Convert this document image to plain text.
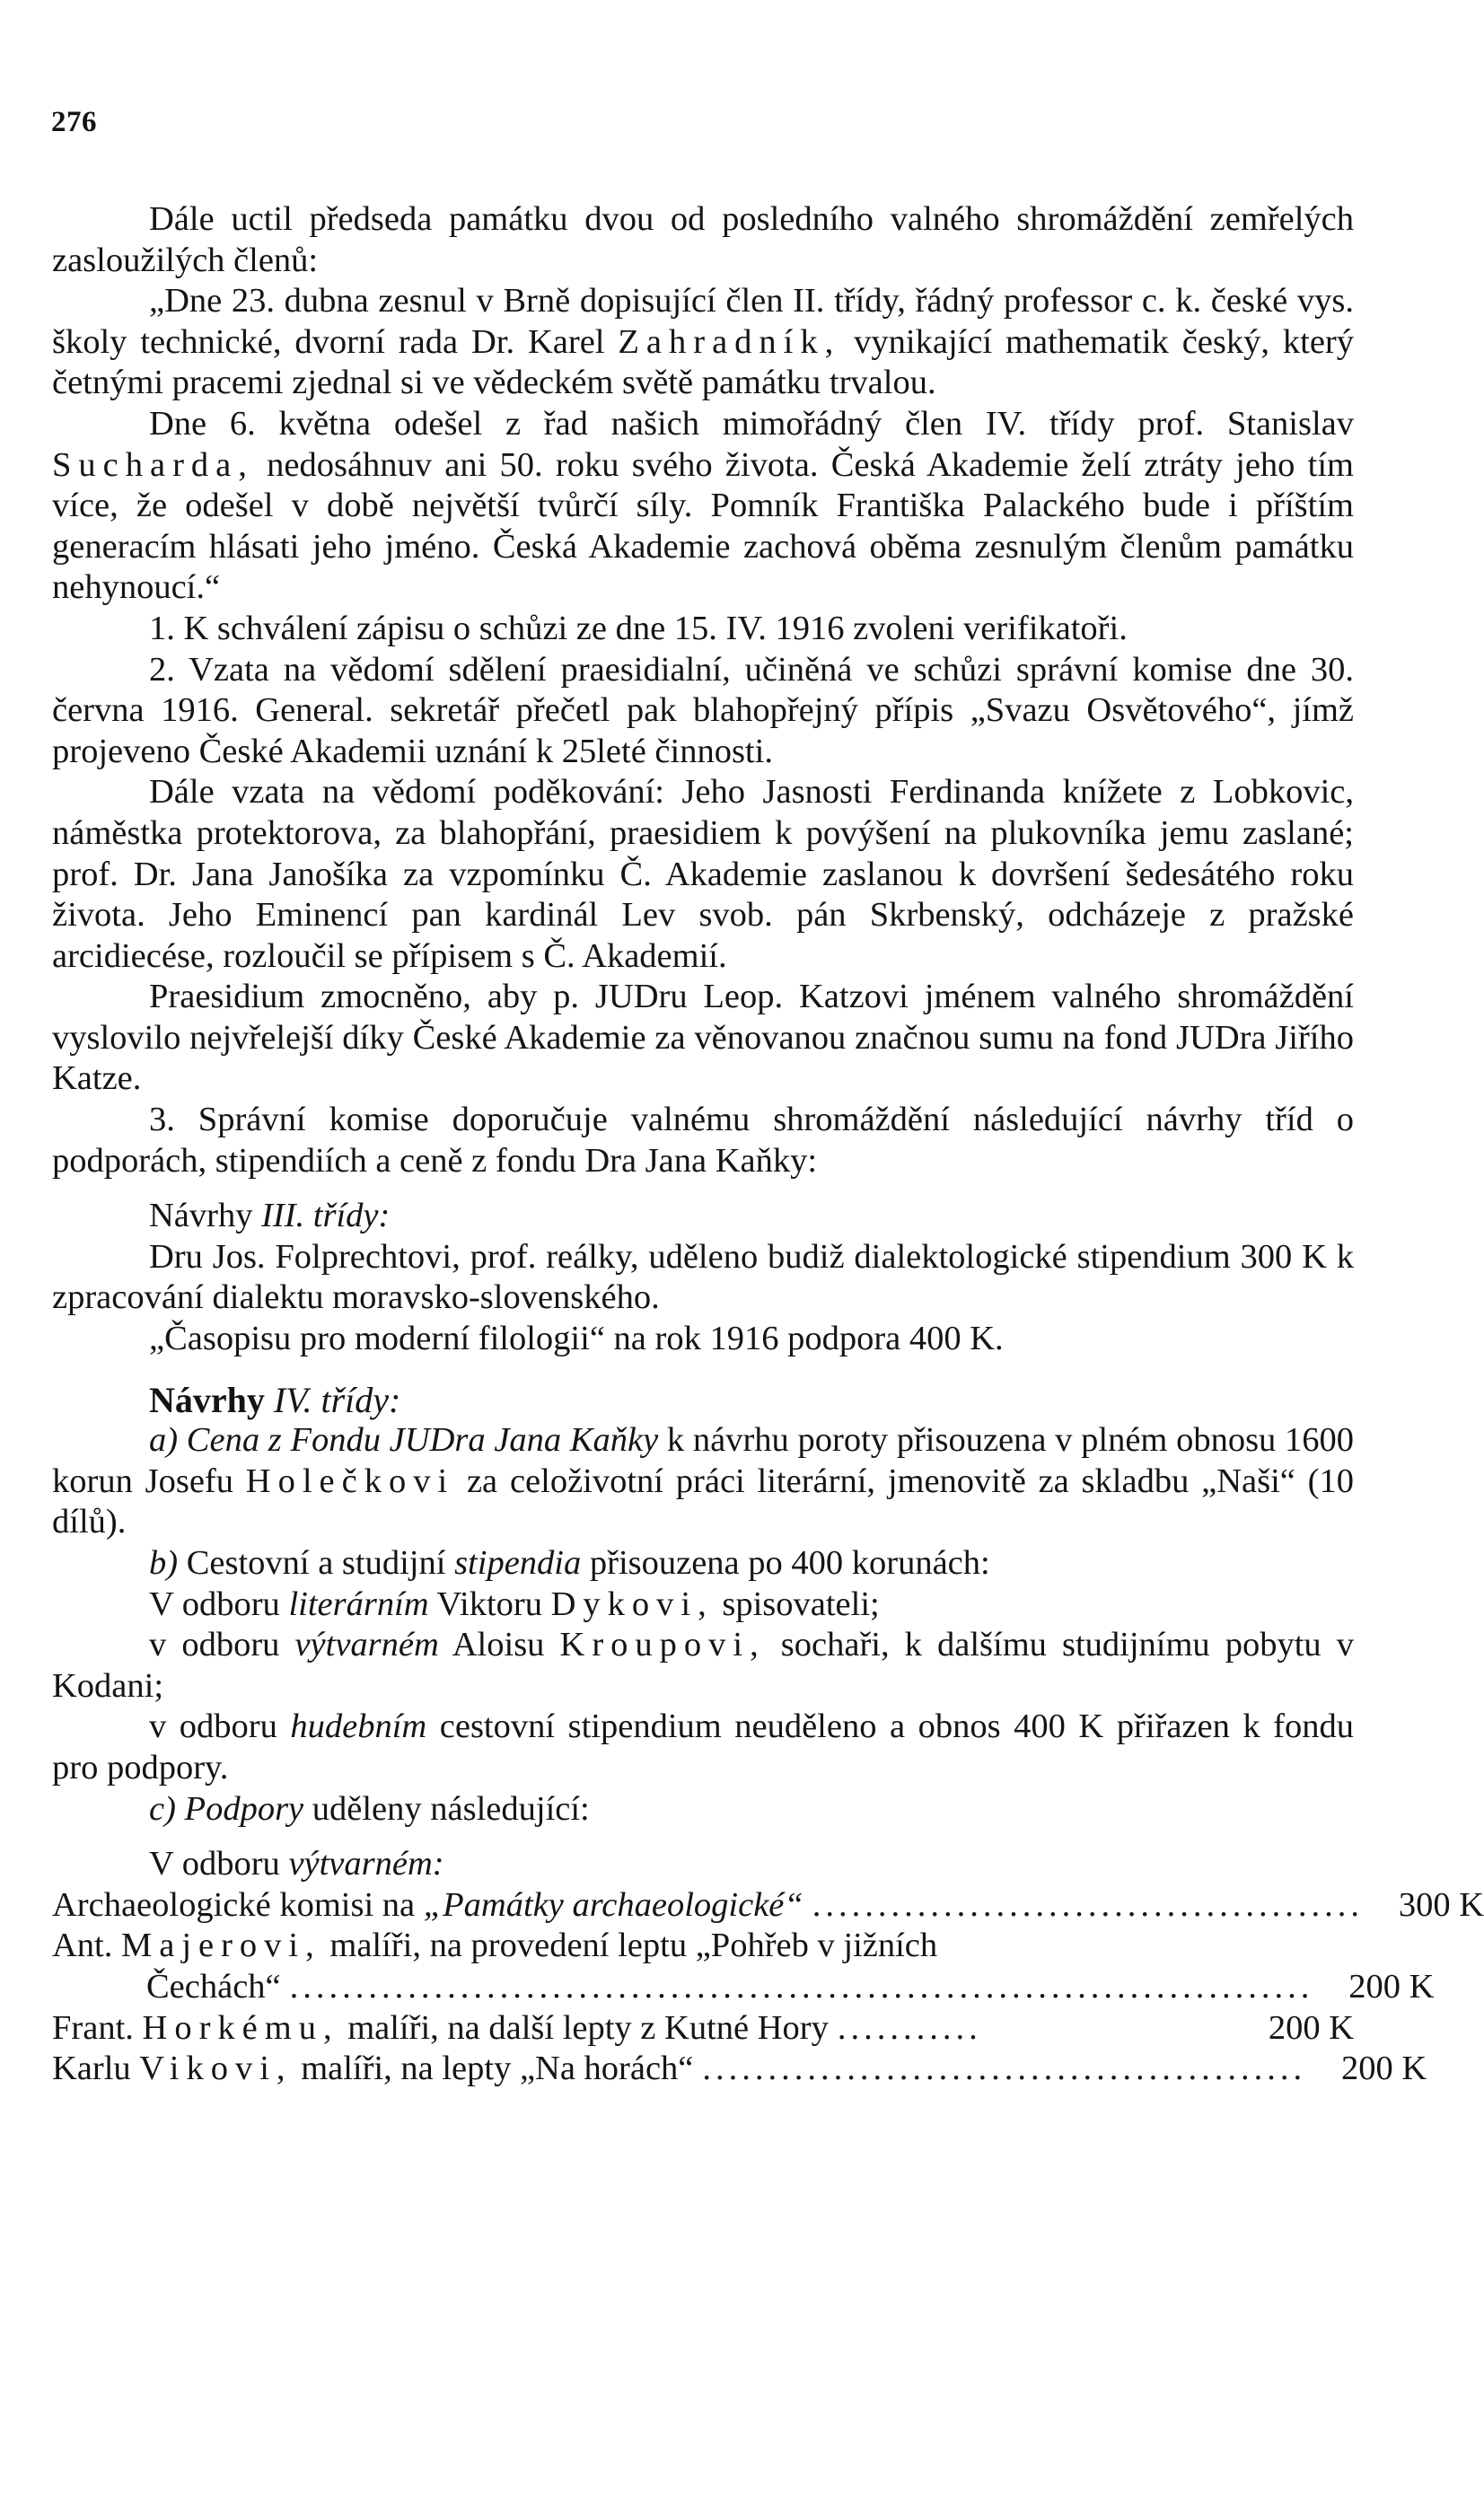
276

Dále uctil předseda památku dvou od posledního valného shromáždění zemřelých zasloužilých členů:

„Dne 23. dubna zesnul v Brně dopisující člen II. třídy, řádný professor c. k. české vys. školy technické, dvorní rada Dr. Karel Zahradník, vynikající mathematik český, který četnými pracemi zjednal si ve vědeckém světě památku trvalou.

Dne 6. května odešel z řad našich mimořádný člen IV. třídy prof. Stanislav Sucharda, nedosáhnuv ani 50. roku svého života. Česká Akademie želí ztráty jeho tím více, že odešel v době největší tvůrčí síly. Pomník Františka Palackého bude i příštím generacím hlásati jeho jméno. Česká Akademie zachová oběma zesnulým členům památku nehynoucí.“

1. K schválení zápisu o schůzi ze dne 15. IV. 1916 zvoleni verifikatoři.

2. Vzata na vědomí sdělení praesidialní, učiněná ve schůzi správní komise dne 30. června 1916. General. sekretář přečetl pak blahopřejný přípis „Svazu Osvětového“, jímž projeveno České Akademii uznání k 25leté činnosti.

Dále vzata na vědomí poděkování: Jeho Jasnosti Ferdinanda knížete z Lobkovic, náměstka protektorova, za blahopřání, praesidiem k povýšení na plukovníka jemu zaslané; prof. Dr. Jana Janošíka za vzpomínku Č. Akademie zaslanou k dovršení šedesátého roku života. Jeho Eminencí pan kardinál Lev svob. pán Skrbenský, odcházeje z pražské arcidiecése, rozloučil se přípisem s Č. Akademií.

Praesidium zmocněno, aby p. JUDru Leop. Katzovi jménem valného shromáždění vyslovilo nejvřelejší díky České Akademie za věnovanou značnou sumu na fond JUDra Jiřího Katze.

3. Správní komise doporučuje valnému shromáždění následující návrhy tříd o podporách, stipendiích a ceně z fondu Dra Jana Kaňky:

Návrhy III. třídy:

Dru Jos. Folprechtovi, prof. reálky, uděleno budiž dialektologické stipendium 300 K k zpracování dialektu moravsko-slovenského.

„Časopisu pro moderní filologii“ na rok 1916 podpora 400 K.

Návrhy IV. třídy:

a) Cena z Fondu JUDra Jana Kaňky k návrhu poroty přisouzena v plném obnosu 1600 korun Josefu Holečkovi za celoživotní práci literární, jmenovitě za skladbu „Naši“ (10 dílů).

b) Cestovní a studijní stipendia přisouzena po 400 korunách:

V odboru literárním Viktoru Dykovi, spisovateli;

v odboru výtvarném Aloisu Kroupovi, sochaři, k dalšímu studijnímu pobytu v Kodani;

v odboru hudebním cestovní stipendium neuděleno a obnos 400 K přiřazen k fondu pro podpory.

c) Podpory uděleny následující:

V odboru výtvarném:

Archaeologické komisi na „Památky archaeologické“ ..........................................	300 K
Ant. Majerovi, malíři, na provedení leptu „Pohřeb v jižních
Čechách“ ..............................................................................	200 K
Frant. Horkému, malíři, na další lepty z Kutné Hory ...........	200 K
Karlu Vikovi, malíři, na lepty „Na horách“ ..............................................	200 K
